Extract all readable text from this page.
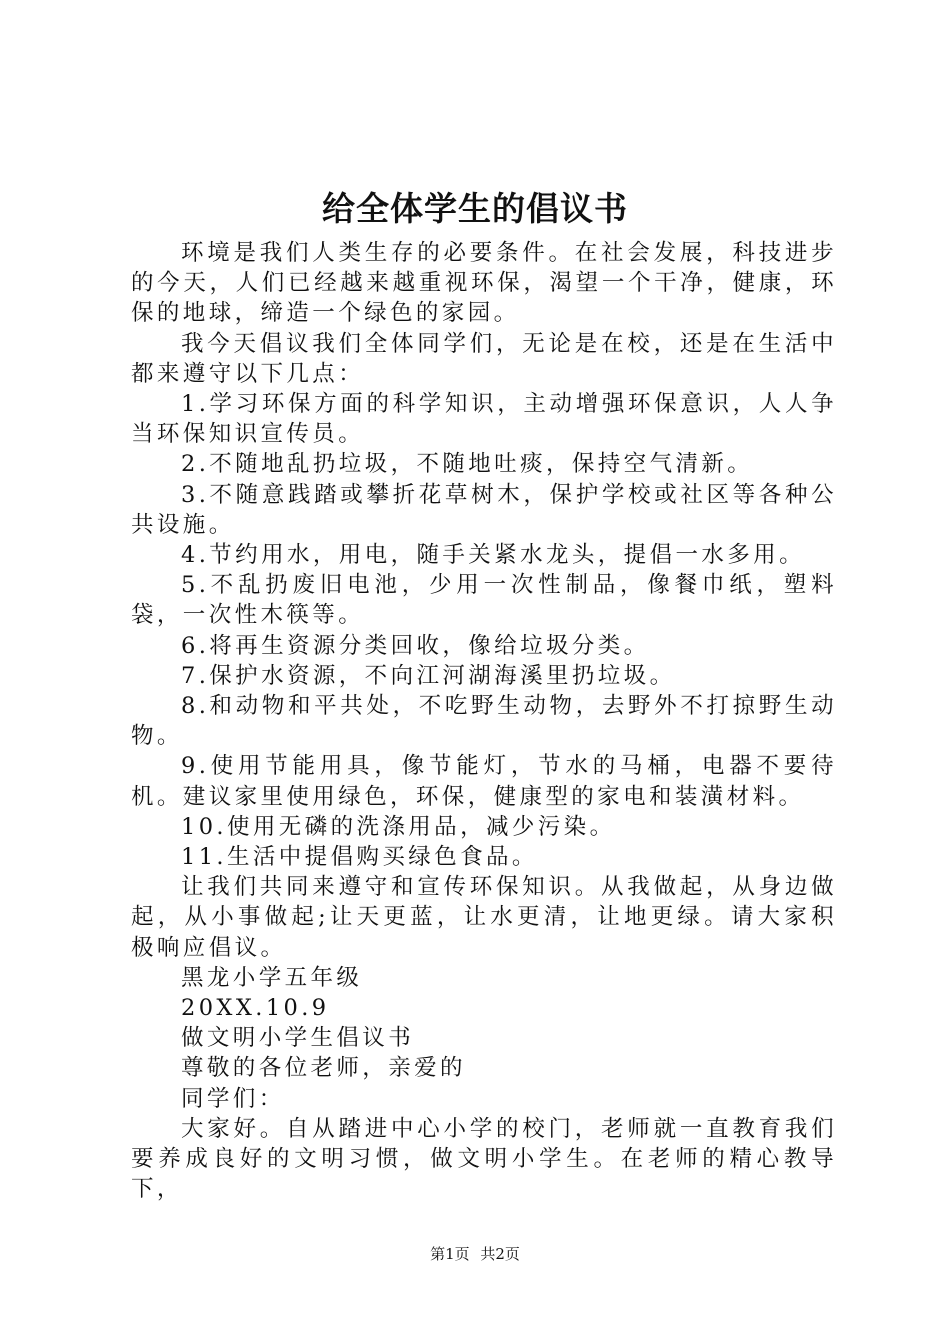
给全体学生的倡议书

环境是我们人类生存的必要条件。在社会发展，科技进步的今天，人们已经越来越重视环保，渴望一个干净，健康，环保的地球，缔造一个绿色的家园。

我今天倡议我们全体同学们，无论是在校，还是在生活中都来遵守以下几点：

1.学习环保方面的科学知识，主动增强环保意识，人人争当环保知识宣传员。

2.不随地乱扔垃圾，不随地吐痰，保持空气清新。

3.不随意践踏或攀折花草树木，保护学校或社区等各种公共设施。

4.节约用水，用电，随手关紧水龙头，提倡一水多用。

5.不乱扔废旧电池，少用一次性制品，像餐巾纸，塑料袋，一次性木筷等。

6.将再生资源分类回收，像给垃圾分类。

7.保护水资源，不向江河湖海溪里扔垃圾。

8.和动物和平共处，不吃野生动物，去野外不打掠野生动物。

9.使用节能用具，像节能灯，节水的马桶，电器不要待机。建议家里使用绿色，环保，健康型的家电和装潢材料。

10.使用无磷的洗涤用品，减少污染。

11.生活中提倡购买绿色食品。

让我们共同来遵守和宣传环保知识。从我做起，从身边做起，从小事做起;让天更蓝，让水更清，让地更绿。请大家积极响应倡议。

黑龙小学五年级

20XX.10.9

做文明小学生倡议书

尊敬的各位老师，亲爱的

同学们：

大家好。自从踏进中心小学的校门，老师就一直教育我们要养成良好的文明习惯，做文明小学生。在老师的精心教导下，

第1页 共2页
